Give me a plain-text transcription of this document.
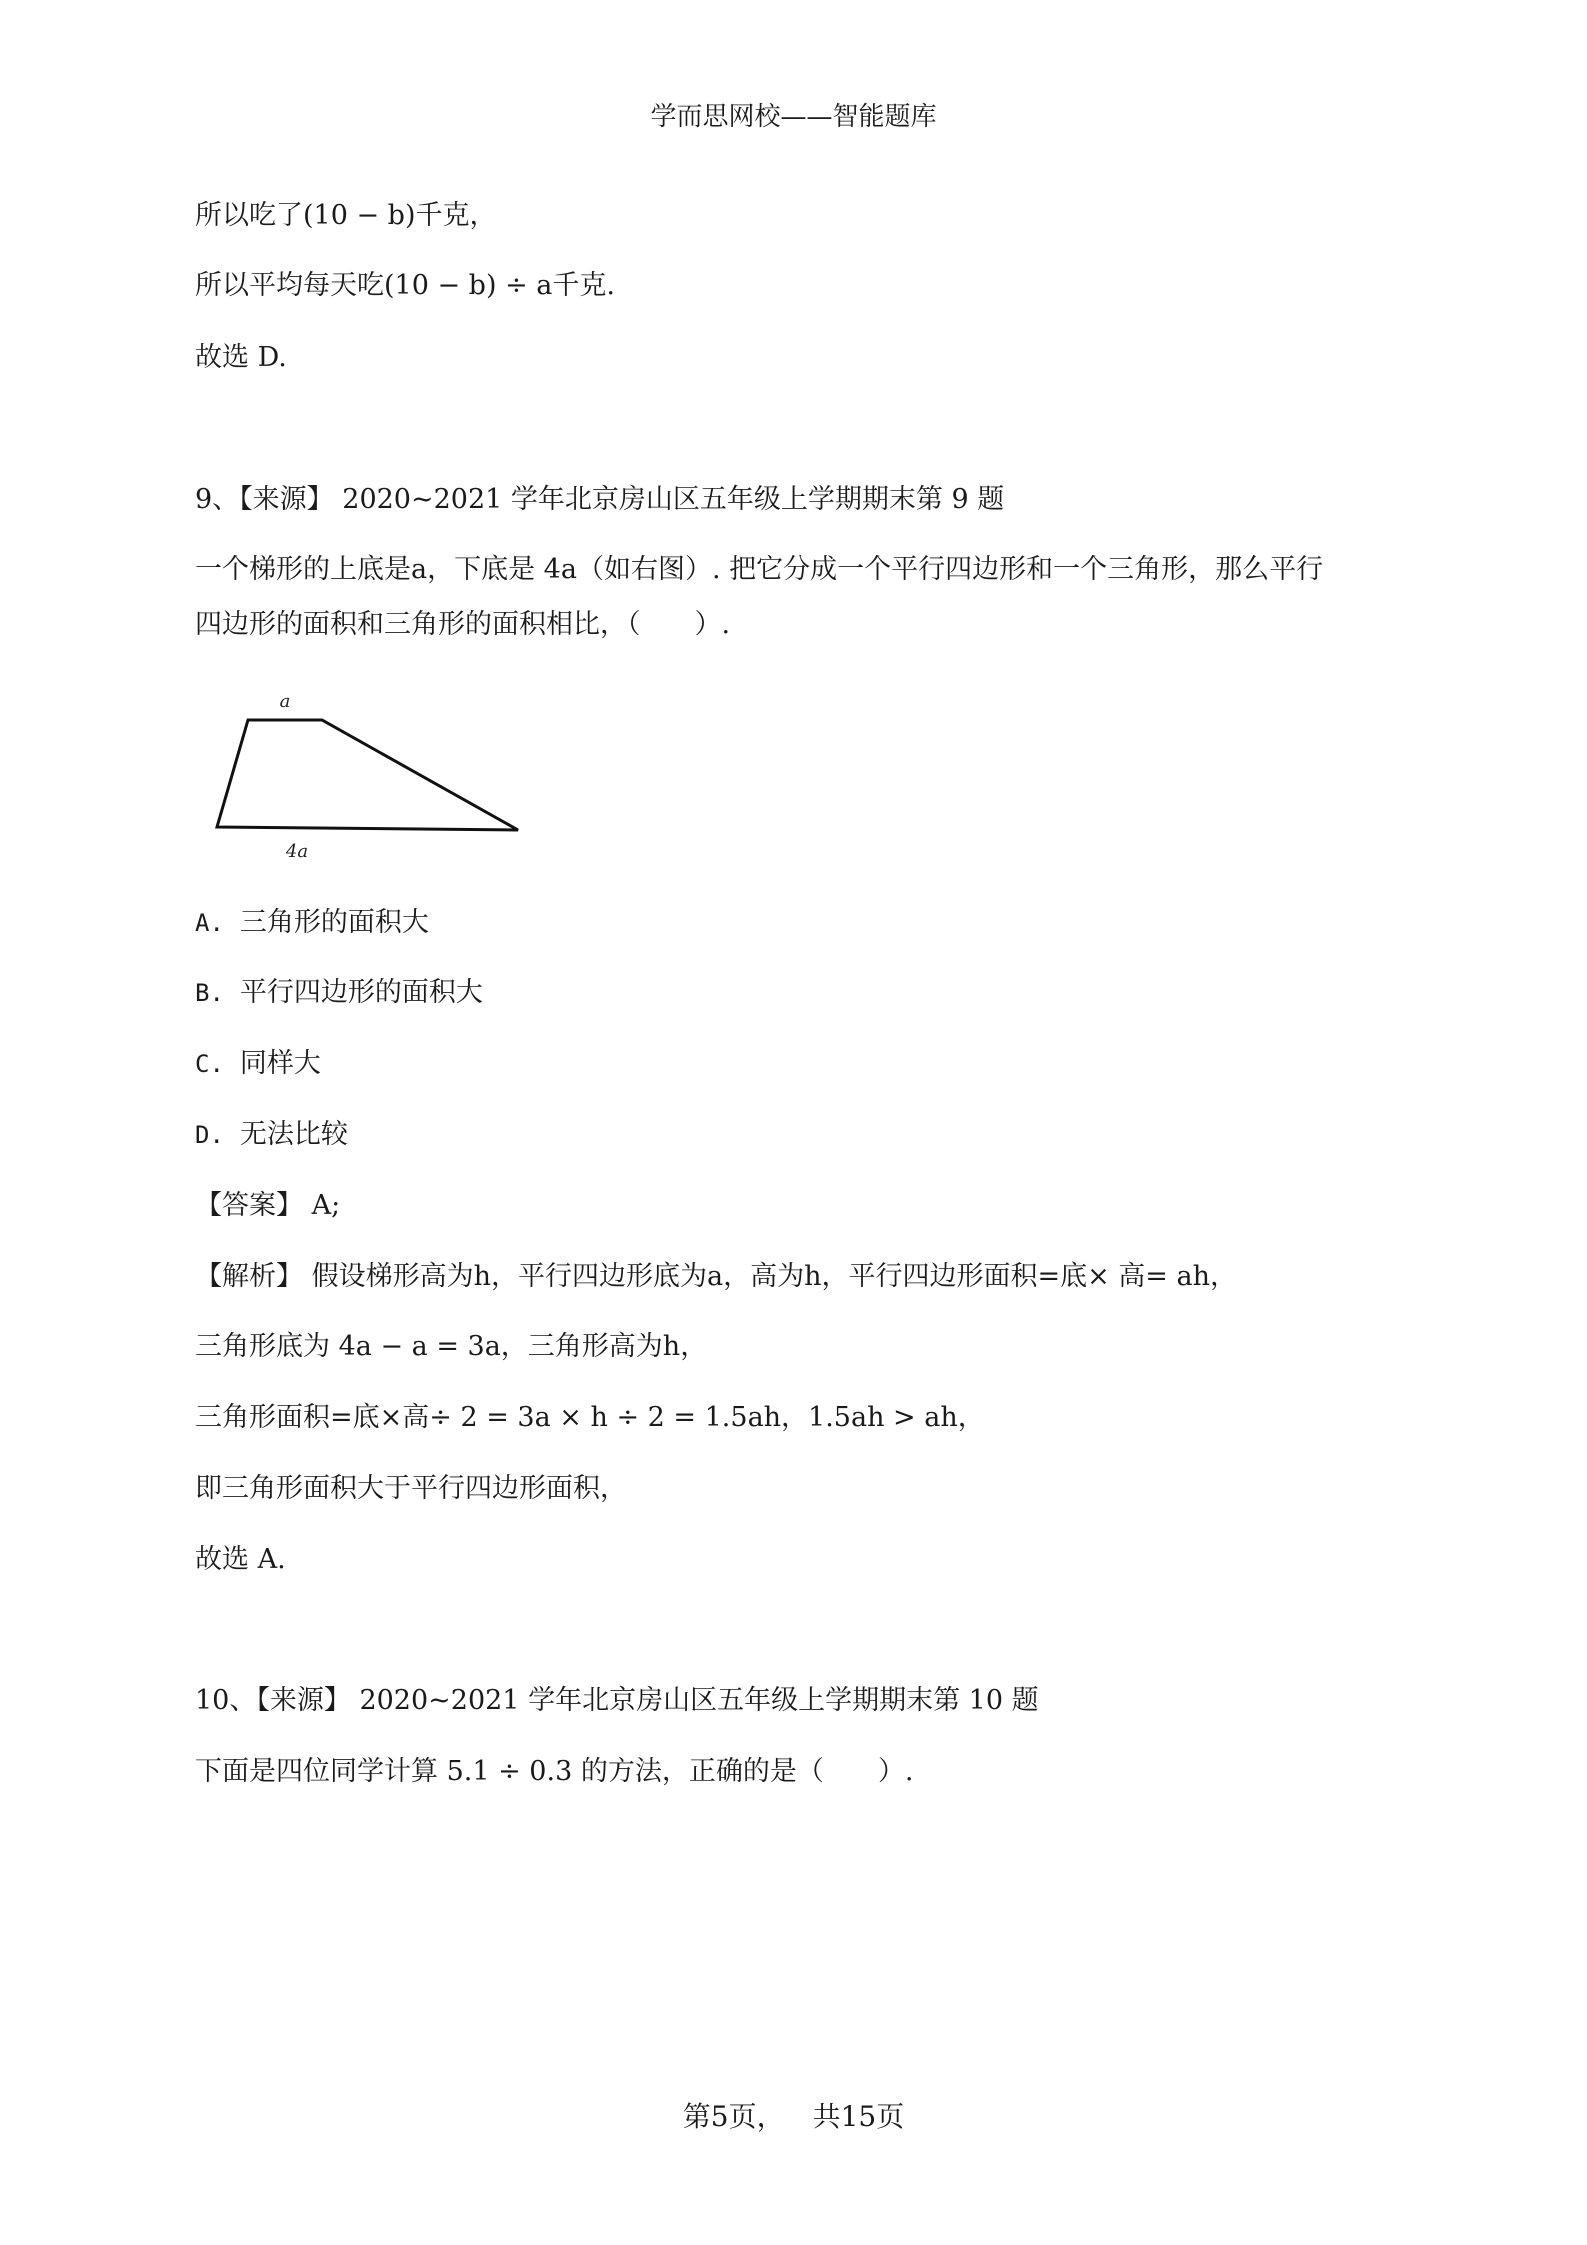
学而思网校——智能题库
所以吃了(10 − b)千克，
所以平均每天吃(10 − b) ÷ a千克.
故选 D.
9、【来源】 2020~2021 学年北京房山区五年级上学期期末第 9 题
一个梯形的上底是a，下底是 4a（如右图）. 把它分成一个平行四边形和一个三角形，那么平行
四边形的面积和三角形的面积相比，（　　）.
a
4a
A. 三角形的面积大
B. 平行四边形的面积大
C. 同样大
D. 无法比较
【答案】 A;
【解析】 假设梯形高为h，平行四边形底为a，高为h，平行四边形面积=底× 高= ah，
三角形底为 4a − a = 3a，三角形高为h，
三角形面积=底×高÷ 2 = 3a × h ÷ 2 = 1.5ah，1.5ah > ah，
即三角形面积大于平行四边形面积，
故选 A.
10、【来源】 2020~2021 学年北京房山区五年级上学期期末第 10 题
下面是四位同学计算 5.1 ÷ 0.3 的方法，正确的是（　　）.
第5页， 共15页
